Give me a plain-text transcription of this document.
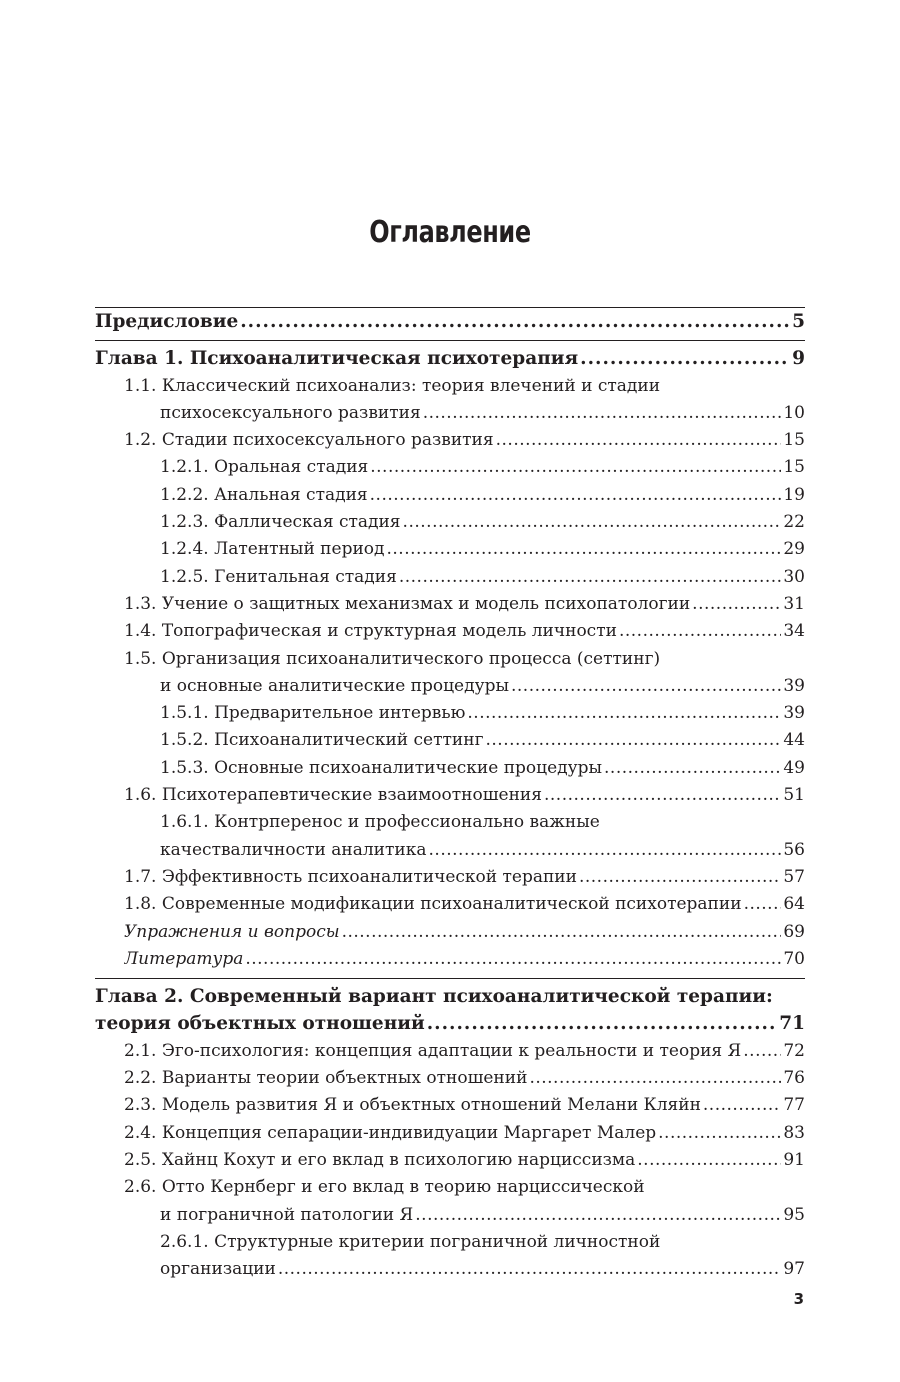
Оглавление
Предисловие .....	5
Глава 1. Психоаналитическая психотерапия .....	9
1.1. Классический психоанализ: теория влечений и стадии
психосексуального развития .....	10
1.2. Стадии психосексуального развития .....	15
1.2.1. Оральная стадия .....	15
1.2.2. Анальная стадия .....	19
1.2.3. Фаллическая стадия .....	22
1.2.4. Латентный период .....	29
1.2.5. Генитальная стадия .....	30
1.3. Учение о защитных механизмах и модель психопатологии .....	31
1.4. Топографическая и структурная модель личности .....	34
1.5. Организация психоаналитического процесса (сеттинг)
и основные аналитические процедуры .....	39
1.5.1. Предварительное интервью .....	39
1.5.2. Психоаналитический сеттинг .....	44
1.5.3. Основные психоаналитические процедуры .....	49
1.6. Психотерапевтические взаимоотношения .....	51
1.6.1. Контрперенос и профессионально важные
качестваличности аналитика .....	56
1.7. Эффективность психоаналитической терапии .....	57
1.8. Современные модификации психоаналитической психотерапии ..... 64
Упражнения и вопросы .....	69
Литература .....	70
Глава 2. Современный вариант психоаналитической терапии:
теория объектных отношений .....	71
2.1. Эго-психология: концепция адаптации к реальности и теория Я ..... 72
2.2. Варианты теории объектных отношений .....	76
2.3. Модель развития Я и объектных отношений Мелани Кляйн .....	77
2.4. Концепция сепарации-индивидуации Маргарет Малер .....	83
2.5. Хайнц Кохут и его вклад в психологию нарциссизма .....	91
2.6. Отто Кернберг и его вклад в теорию нарциссической
и пограничной патологии Я .....	95
2.6.1. Структурные критерии пограничной личностной
организации .....	97
3
